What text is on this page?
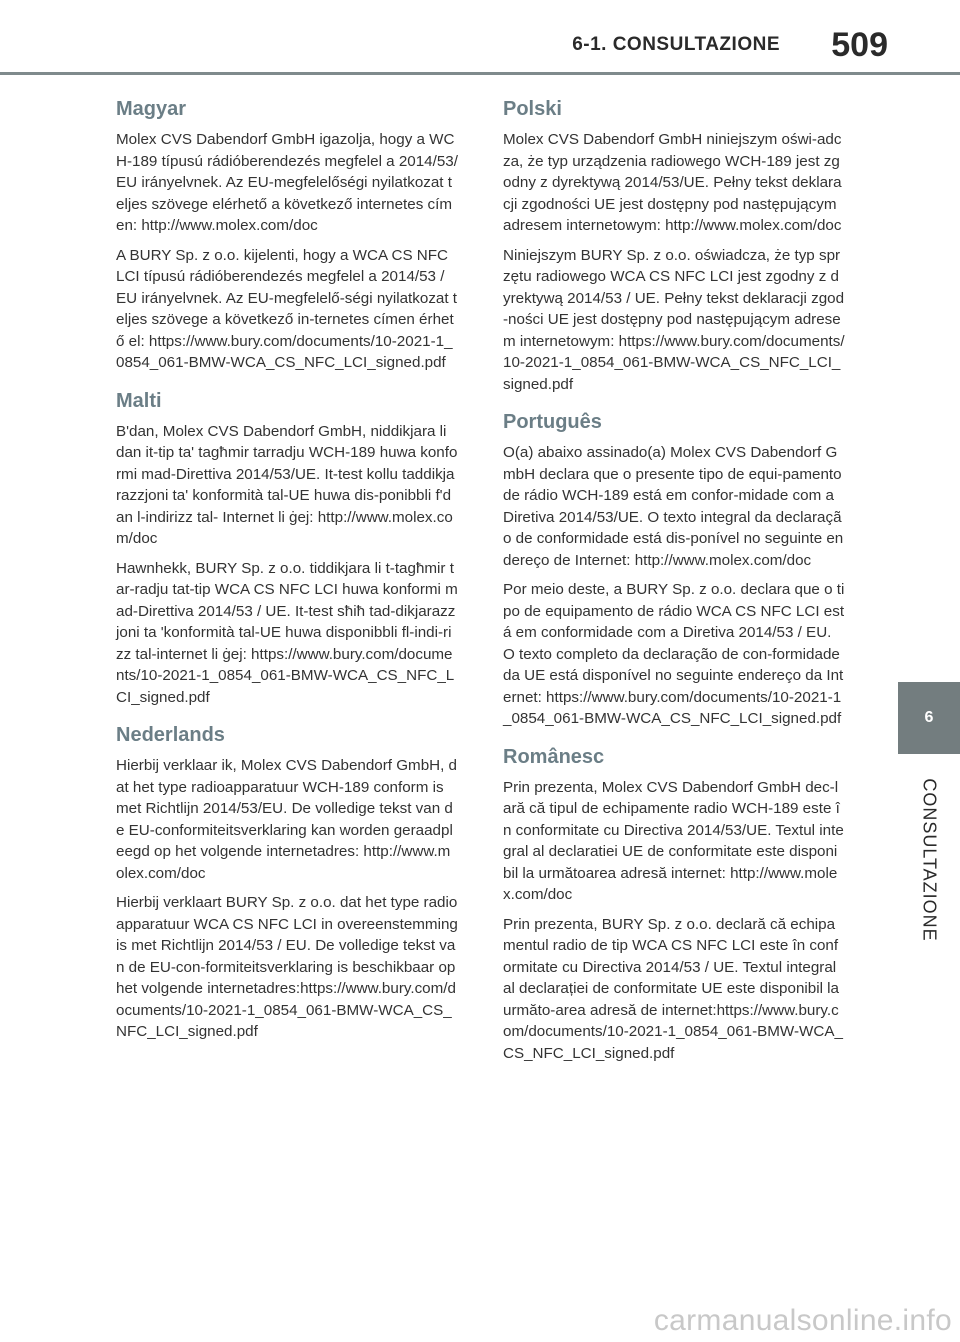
6-1. CONSULTAZIONE 509
Magyar

Molex CVS Dabendorf GmbH igazolja, hogy a WCH-189 típusú rádióberendezés megfelel a 2014/53/EU irányelvnek. Az EU-megfelelőségi nyilatkozat teljes szövege elérhető a következő internetes címen: http://www.molex.com/doc

A BURY Sp. z o.o. kijelenti, hogy a WCA CS NFC LCI típusú rádióberendezés megfelel a 2014/53 / EU irányelvnek. Az EU-megfelelő-ségi nyilatkozat teljes szövege a következő in-ternetes címen érhető el: https://www.bury.com/documents/10-2021-1_0854_061-BMW-WCA_CS_NFC_LCI_signed.pdf

Malti

B'dan, Molex CVS Dabendorf GmbH, niddikjara li dan it-tip ta' tagħmir tarradju WCH-189 huwa konformi mad-Direttiva 2014/53/UE. It-test kollu taddikjarazzjoni ta' konformità tal-UE huwa dis-ponibbli f'dan l-indirizz tal- Internet li ġej: http://www.molex.com/doc

Hawnhekk, BURY Sp. z o.o. tiddikjara li t-tagħmir tar-radju tat-tip WCA CS NFC LCI huwa konformi mad-Direttiva 2014/53 / UE. It-test sħiħ tad-dikjarazzjoni ta 'konformità tal-UE huwa disponibbli fl-indi-rizz tal-internet li ġej: https://www.bury.com/documents/10-2021-1_0854_061-BMW-WCA_CS_NFC_LCI_signed.pdf

Nederlands

Hierbij verklaar ik, Molex CVS Dabendorf GmbH, dat het type radioapparatuur WCH-189 conform is met Richtlijn 2014/53/EU. De volledige tekst van de EU-conformiteitsverklaring kan worden geraadpleegd op het volgende internetadres: http://www.molex.com/doc

Hierbij verklaart BURY Sp. z o.o. dat het type radioapparatuur WCA CS NFC LCI in overeenstemming is met Richtlijn 2014/53 / EU. De volledige tekst van de EU-con-formiteitsverklaring is beschikbaar op het volgende internetadres:https://www.bury.com/documents/10-2021-1_0854_061-BMW-WCA_CS_NFC_LCI_signed.pdf

Polski

Molex CVS Dabendorf GmbH niniejszym oświ-adcza, że typ urządzenia radiowego WCH-189 jest zgodny z dyrektywą 2014/53/UE. Pełny tekst deklaracji zgodności UE jest dostępny pod następującym adresem internetowym: http://www.molex.com/doc

Niniejszym BURY Sp. z o.o. oświadcza, że typ sprzętu radiowego WCA CS NFC LCI jest zgodny z dyrektywą 2014/53 / UE. Pełny tekst deklaracji zgod-ności UE jest dostępny pod następującym adresem internetowym: https://www.bury.com/documents/10-2021-1_0854_061-BMW-WCA_CS_NFC_LCI_signed.pdf

Português

O(a) abaixo assinado(a) Molex CVS Dabendorf GmbH declara que o presente tipo de equi-pamento de rádio WCH-189 está em confor-midade com a Diretiva 2014/53/UE. O texto integral da declaração de conformidade está dis-ponível no seguinte endereço de Internet: http://www.molex.com/doc

Por meio deste, a BURY Sp. z o.o. declara que o tipo de equipamento de rádio WCA CS NFC LCI está em conformidade com a Diretiva 2014/53 / EU. O texto completo da declaração de con-formidade da UE está disponível no seguinte endereço da Internet: https://www.bury.com/documents/10-2021-1_0854_061-BMW-WCA_CS_NFC_LCI_signed.pdf

Românesc

Prin prezenta, Molex CVS Dabendorf GmbH dec-lară că tipul de echipamente radio WCH-189 este în conformitate cu Directiva 2014/53/UE. Textul integral al declaratiei UE de conformitate este disponibil la următoarea adresă internet: http://www.molex.com/doc

Prin prezenta, BURY Sp. z o.o. declară că echipamentul radio de tip WCA CS NFC LCI este în conformitate cu Directiva 2014/53 / UE. Textul integral al declarației de conformitate UE este disponibil la următo-area adresă de internet:https://www.bury.com/documents/10-2021-1_0854_061-BMW-WCA_CS_NFC_LCI_signed.pdf

6
CONSULTAZIONE
carmanualsonline.info
